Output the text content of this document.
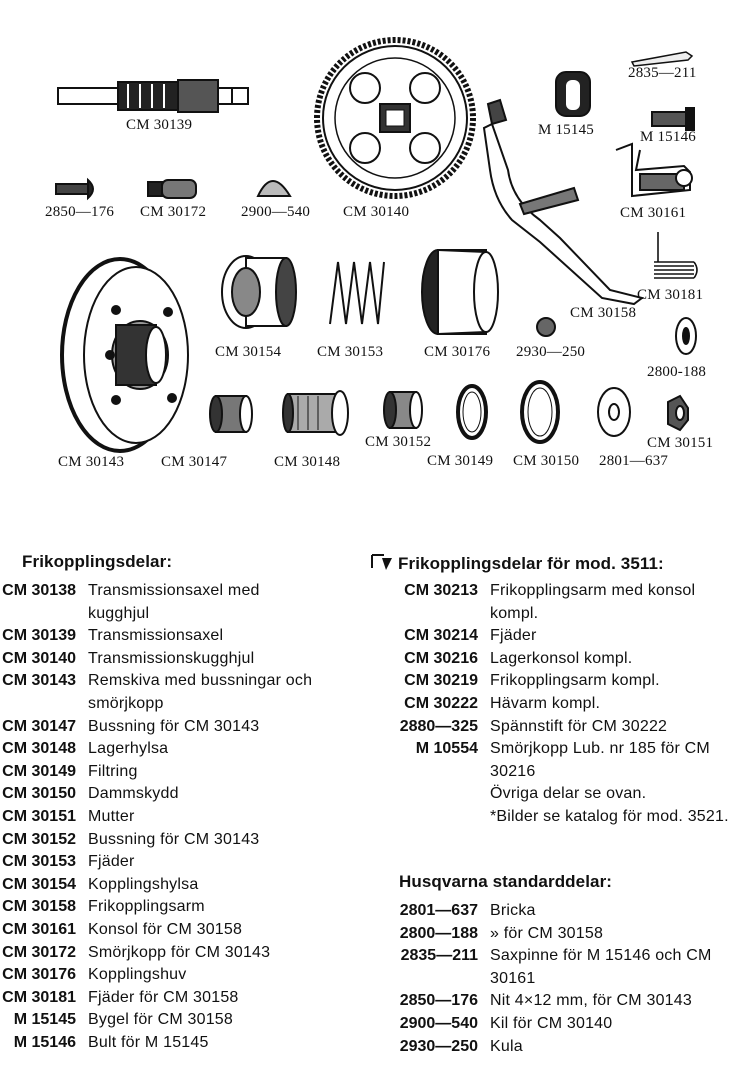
CM 30139
2850—176 CM 30172 2900—540 CM 30140
2835—211
M 15145	M 15146
CM 30161
CM 30181
CM 30158
CM 30154 CM 30153	CM 30176 2930—250
2800-188
CM 30143 CM 30147	CM 30148
CM 30152
CM 30149 CM 30150 2801—637
CM 30151
Frikopplingsdelar:
CM 30138 Transmissionsaxel med kugghjul
CM 30139 Transmissionsaxel
CM 30140 Transmissionskugghjul
CM 30143 Remskiva med bussningar och smörjkopp
CM 30147 Bussning för CM 30143
CM 30148 Lagerhylsa
CM 30149 Filtring
CM 30150 Dammskydd
CM 30151 Mutter
CM 30152 Bussning för CM 30143
CM 30153 Fjäder
CM 30154 Kopplingshylsa
CM 30158 Frikopplingsarm
CM 30161 Konsol för CM 30158
CM 30172 Smörjkopp för CM 30143
CM 30176 Kopplingshuv
CM 30181 Fjäder för CM 30158
M 15145 Bygel för CM 30158
M 15146 Bult för M 15145
Frikopplingsdelar för mod. 3511:
CM 30213 Frikopplingsarm med konsol kompl.
CM 30214 Fjäder
CM 30216 Lagerkonsol kompl.
CM 30219 Frikopplingsarm kompl.
CM 30222 Hävarm kompl.
2880—325 Spännstift för CM 30222
M 10554 Smörjkopp Lub. nr 185 för CM 30216
Övriga delar se ovan.
*Bilder se katalog för mod. 3521.
Husqvarna standarddelar:
2801—637 Bricka
2800—188 » för CM 30158
2835—211 Saxpinne för M 15146 och CM 30161
2850—176 Nit 4×12 mm, för CM 30143
2900—540 Kil för CM 30140
2930—250 Kula
